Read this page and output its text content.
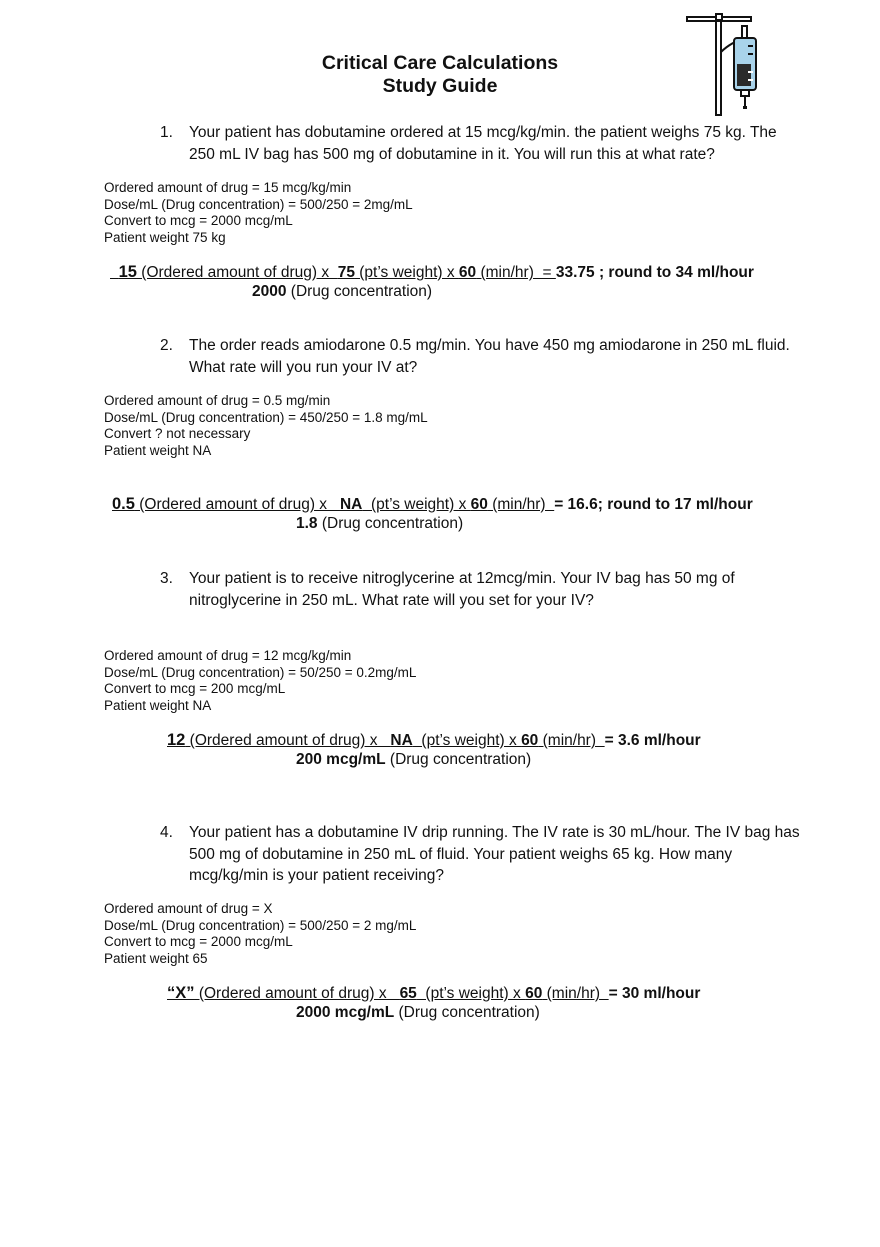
Critical Care Calculations
Study Guide
1. Your patient has dobutamine ordered at 15 mcg/kg/min. the patient weighs 75 kg. The 250 mL IV bag has 500 mg of dobutamine in it. You will run this at what rate?
Ordered amount of drug = 15 mcg/kg/min
Dose/mL (Drug concentration) = 500/250 = 2mg/mL
Convert to mcg = 2000 mcg/mL
Patient weight 75 kg
15 (Ordered amount of drug) x  75 (pt’s weight) x 60 (min/hr)  = 33.75 ; round to 34 ml/hour
2000 (Drug concentration)
2. The order reads amiodarone 0.5 mg/min. You have 450 mg amiodarone in 250 mL fluid. What rate will you run your IV at?
Ordered amount of drug = 0.5 mg/min
Dose/mL (Drug concentration) = 450/250 = 1.8 mg/mL
Convert ? not necessary
Patient weight NA
0.5 (Ordered amount of drug) x   NA  (pt’s weight) x 60 (min/hr)  = 16.6; round to 17 ml/hour
1.8 (Drug concentration)
3. Your patient is to receive nitroglycerine at 12mcg/min. Your IV bag has 50 mg of nitroglycerine in 250 mL. What rate will you set for your IV?
Ordered amount of drug = 12 mcg/kg/min
Dose/mL (Drug concentration) = 50/250 = 0.2mg/mL
Convert to mcg = 200 mcg/mL
Patient weight NA
12 (Ordered amount of drug) x   NA  (pt’s weight) x 60 (min/hr)  = 3.6 ml/hour
200 mcg/mL (Drug concentration)
4. Your patient has a dobutamine IV drip running. The IV rate is 30 mL/hour. The IV bag has 500 mg of dobutamine in 250 mL of fluid. Your patient weighs 65 kg. How many mcg/kg/min is your patient receiving?
Ordered amount of drug = X
Dose/mL (Drug concentration) = 500/250 = 2 mg/mL
Convert to mcg = 2000 mcg/mL
Patient weight 65
“X” (Ordered amount of drug) x   65  (pt’s weight) x 60 (min/hr)  = 30 ml/hour
2000 mcg/mL (Drug concentration)
